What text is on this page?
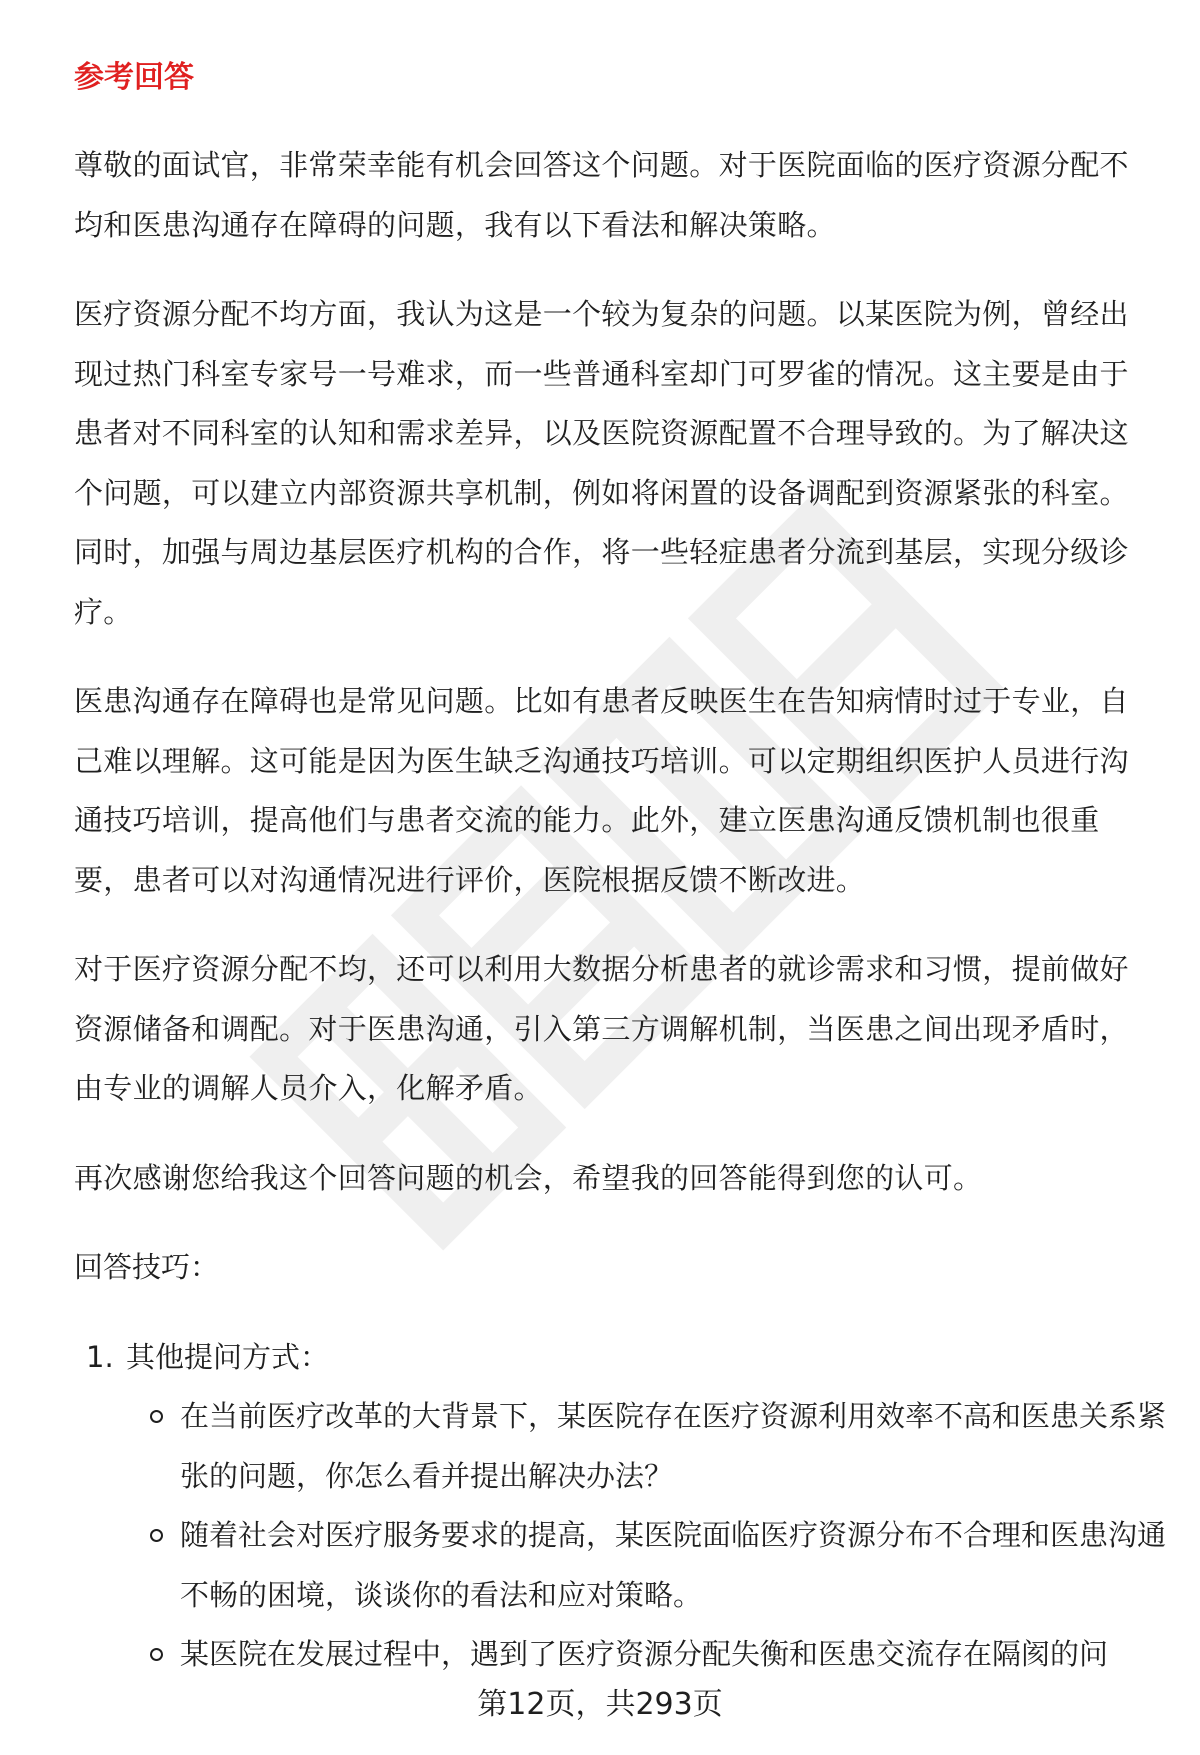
参考回答

尊敬的面试官，非常荣幸能有机会回答这个问题。对于医院面临的医疗资源分配不均和医患沟通存在障碍的问题，我有以下看法和解决策略。

医疗资源分配不均方面，我认为这是一个较为复杂的问题。以某医院为例，曾经出现过热门科室专家号一号难求，而一些普通科室却门可罗雀的情况。这主要是由于患者对不同科室的认知和需求差异，以及医院资源配置不合理导致的。为了解决这个问题，可以建立内部资源共享机制，例如将闲置的设备调配到资源紧张的科室。同时，加强与周边基层医疗机构的合作，将一些轻症患者分流到基层，实现分级诊疗。

医患沟通存在障碍也是常见问题。比如有患者反映医生在告知病情时过于专业，自己难以理解。这可能是因为医生缺乏沟通技巧培训。可以定期组织医护人员进行沟通技巧培训，提高他们与患者交流的能力。此外，建立医患沟通反馈机制也很重要，患者可以对沟通情况进行评价，医院根据反馈不断改进。

对于医疗资源分配不均，还可以利用大数据分析患者的就诊需求和习惯，提前做好资源储备和调配。对于医患沟通，引入第三方调解机制，当医患之间出现矛盾时，由专业的调解人员介入，化解矛盾。

再次感谢您给我这个回答问题的机会，希望我的回答能得到您的认可。

回答技巧：
1. 其他提问方式：
在当前医疗改革的大背景下，某医院存在医疗资源利用效率不高和医患关系紧张的问题，你怎么看并提出解决办法？
随着社会对医疗服务要求的提高，某医院面临医疗资源分布不合理和医患沟通不畅的困境，谈谈你的看法和应对策略。
某医院在发展过程中，遇到了医疗资源分配失衡和医患交流存在隔阂的问
第12页，共293页
